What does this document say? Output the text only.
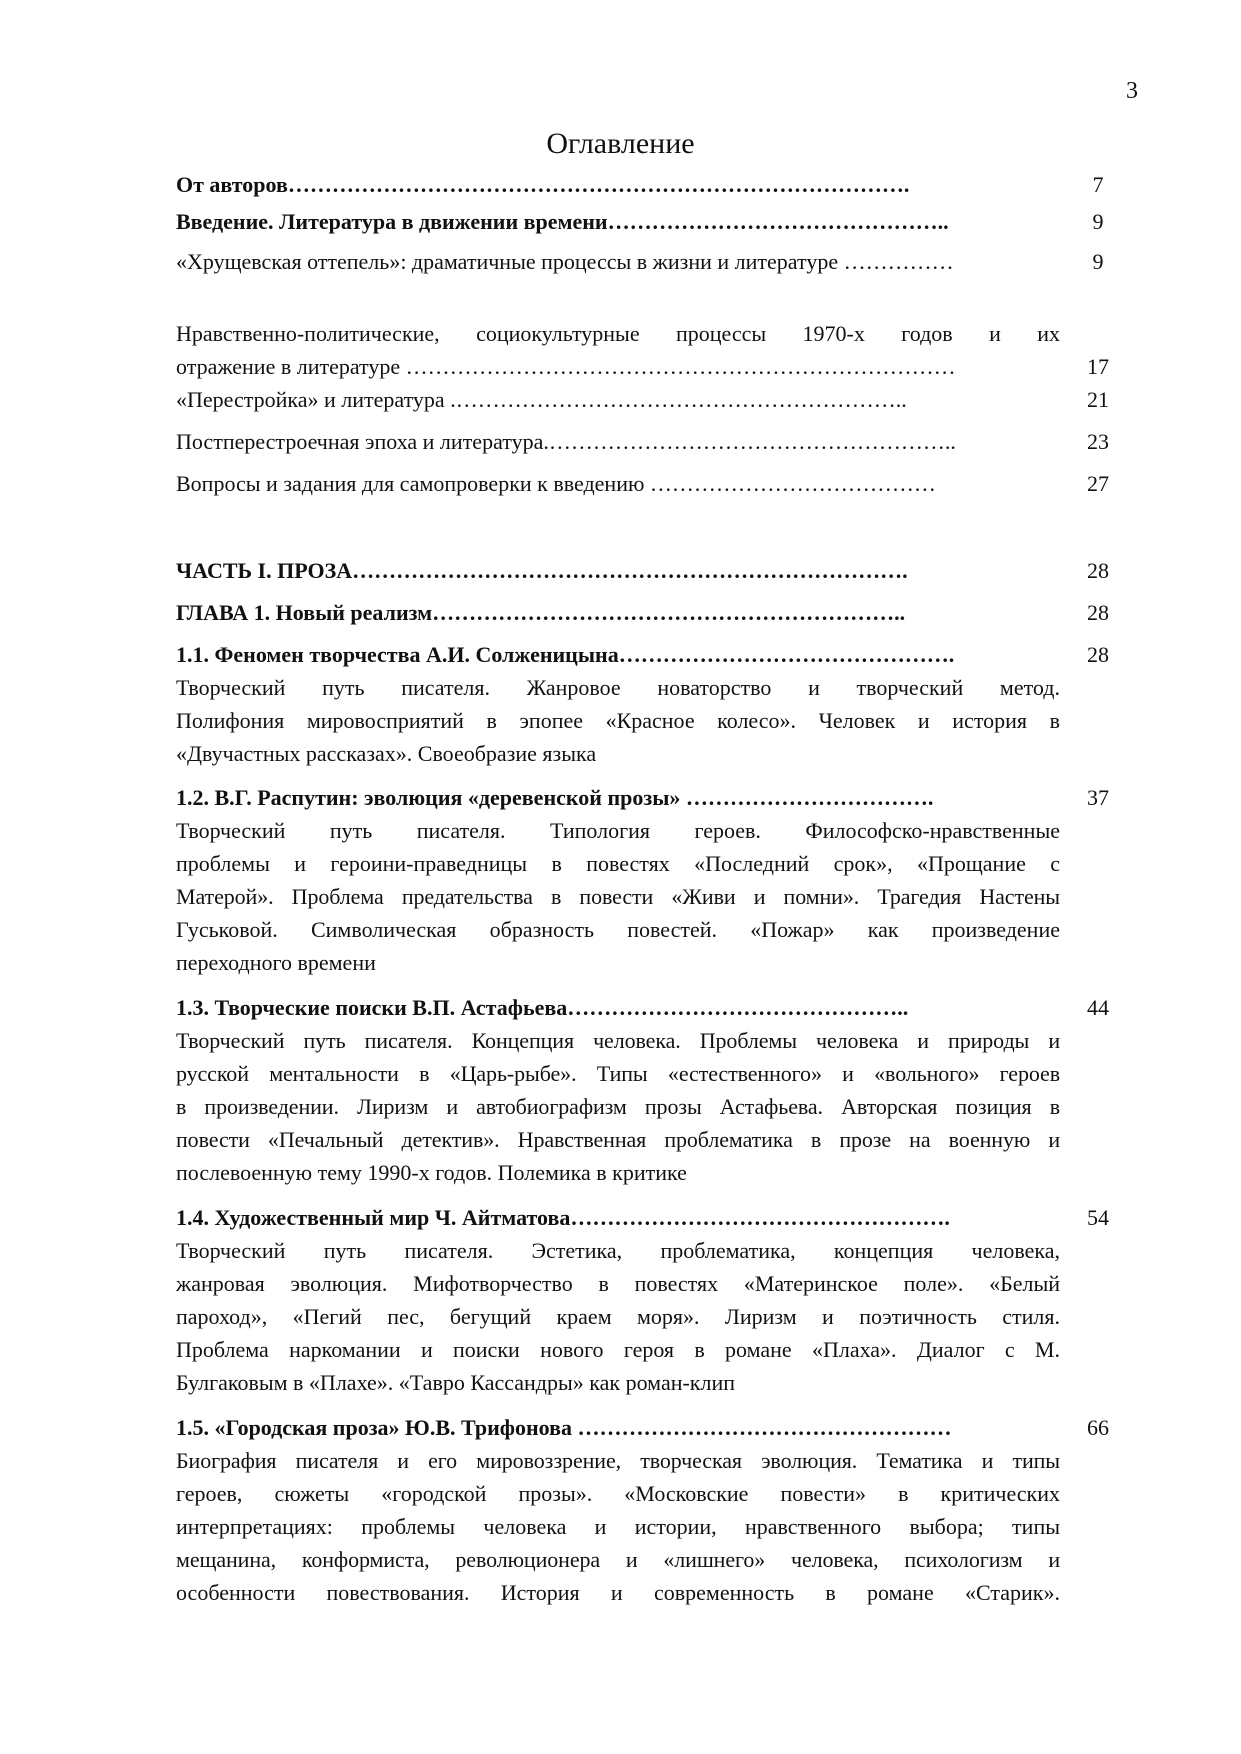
3
Оглавление
От авторов………………………………………………………………………….	7
Введение. Литература в движении времени………………………………………..	9
«Хрущевская оттепель»: драматичные процессы в жизни и литературе ……………	9
Нравственно-политические, социокультурные процессы 1970-х годов и их
отражение в литературе …………………………………………………………………	17
«Перестройка» и литература .……………………………………………………..	21
Постперестроечная эпоха и литература.………………………………………………..	23
Вопросы и задания для самопроверки к введению …………………………………	27
ЧАСТЬ I. ПРОЗА………………………………………………………………….	28
ГЛАВА 1. Новый реализм………………………………………………………..	28
1.1. Феномен творчества А.И. Солженицына……………………………………….	28
Творческий путь писателя. Жанровое новаторство и творческий метод.
Полифония мировосприятий в эпопее «Красное колесо». Человек и история в
«Двучастных рассказах». Своеобразие языка
1.2. В.Г. Распутин: эволюция «деревенской прозы» …………………………….	37
Творческий путь писателя. Типология героев. Философско-нравственные
проблемы и героини-праведницы в повестях «Последний срок», «Прощание с
Матерой». Проблема предательства в повести «Живи и помни». Трагедия Настены
Гуськовой. Символическая образность повестей. «Пожар» как произведение
переходного времени
1.3. Творческие поиски В.П. Астафьева………………………………………..	44
Творческий путь писателя. Концепция человека. Проблемы человека и природы и
русской ментальности в «Царь-рыбе». Типы «естественного» и «вольного» героев
в произведении. Лиризм и автобиографизм прозы Астафьева. Авторская позиция в
повести «Печальный детектив». Нравственная проблематика в прозе на военную и
послевоенную тему 1990-х годов. Полемика в критике
1.4. Художественный мир Ч. Айтматова…………………………………………….	54
Творческий путь писателя. Эстетика, проблематика, концепция человека,
жанровая эволюция. Мифотворчество в повестях «Материнское поле». «Белый
пароход», «Пегий пес, бегущий краем моря». Лиризм и поэтичность стиля.
Проблема наркомании и поиски нового героя в романе «Плаха». Диалог с М.
Булгаковым в «Плахе». «Тавро Кассандры» как роман-клип
1.5. «Городская проза» Ю.В. Трифонова ……………………………………………	66
Биография писателя и его мировоззрение, творческая эволюция. Тематика и типы
героев, сюжеты «городской прозы». «Московские повести» в критических
интерпретациях: проблемы человека и истории, нравственного выбора; типы
мещанина, конформиста, революционера и «лишнего» человека, психологизм и
особенности повествования. История и современность в романе «Старик».
